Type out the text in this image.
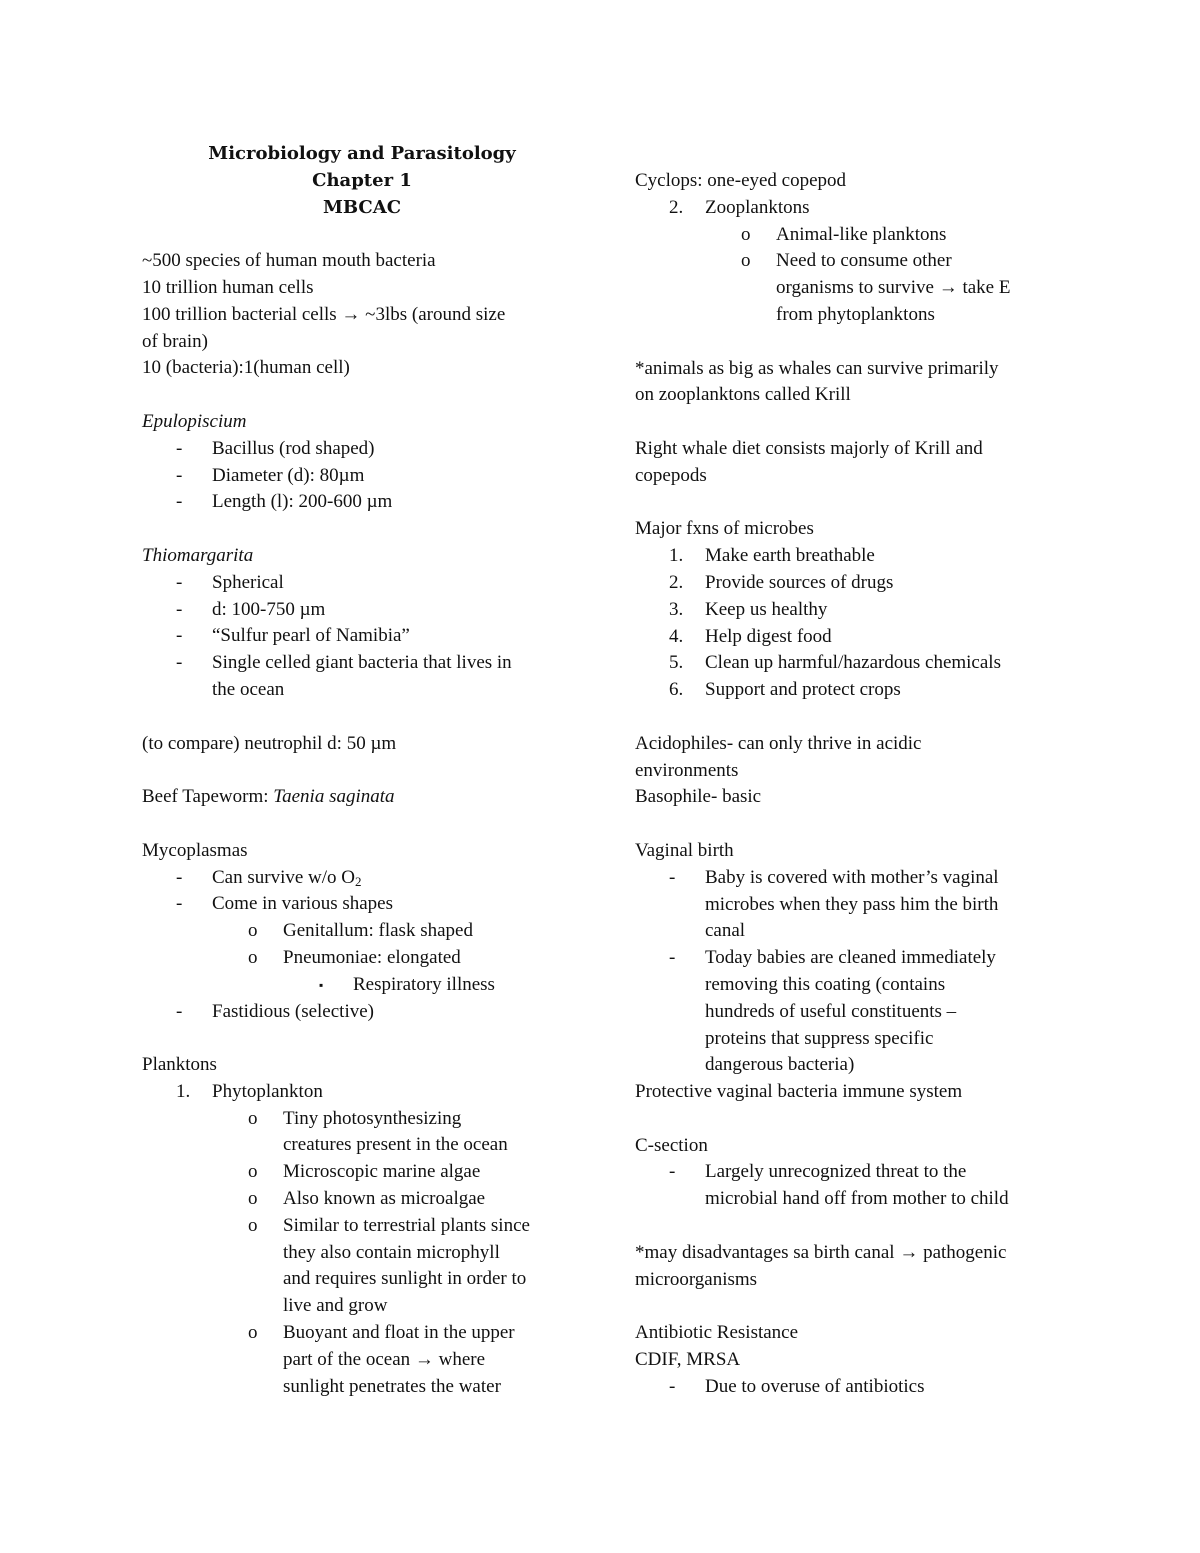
Microbiology and Parasitology
Chapter 1
MBCAC
~500 species of human mouth bacteria
10 trillion human cells
100 trillion bacterial cells → ~3lbs (around size
of brain)
10 (bacteria):1(human cell)
Epulopiscium
- Bacillus (rod shaped)
- Diameter (d): 80µm
- Length (l): 200-600 µm
Thiomargarita
- Spherical
- d: 100-750 µm
- “Sulfur pearl of Namibia”
- Single celled giant bacteria that lives in
the ocean
(to compare) neutrophil d: 50 µm
Beef Tapeworm: Taenia saginata
Mycoplasmas
- Can survive w/o $O_2$
- Come in various shapes
o Genitallum: flask shaped
o Pneumoniae: elongated
▪ Respiratory illness
- Fastidious (selective)
Planktons
1. Phytoplankton
o Tiny photosynthesizing
creatures present in the ocean
o Microscopic marine algae
o Also known as microalgae
o Similar to terrestrial plants since
they also contain microphyll
and requires sunlight in order to
live and grow
o Buoyant and float in the upper
part of the ocean → where
sunlight penetrates the water
Cyclops: one-eyed copepod
2. Zooplanktons
o Animal-like planktons
o Need to consume other
organisms to survive → take E
from phytoplanktons
*animals as big as whales can survive primarily
on zooplanktons called Krill
Right whale diet consists majorly of Krill and
copepods
Major fxns of microbes
1. Make earth breathable
2. Provide sources of drugs
3. Keep us healthy
4. Help digest food
5. Clean up harmful/hazardous chemicals
6. Support and protect crops
Acidophiles- can only thrive in acidic
environments
Basophile- basic
Vaginal birth
- Baby is covered with mother’s vaginal
microbes when they pass him the birth
canal
- Today babies are cleaned immediately
removing this coating (contains
hundreds of useful constituents –
proteins that suppress specific
dangerous bacteria)
Protective vaginal bacteria immune system
C-section
- Largely unrecognized threat to the
microbial hand off from mother to child
*may disadvantages sa birth canal → pathogenic
microorganisms
Antibiotic Resistance
CDIF, MRSA
- Due to overuse of antibiotics
